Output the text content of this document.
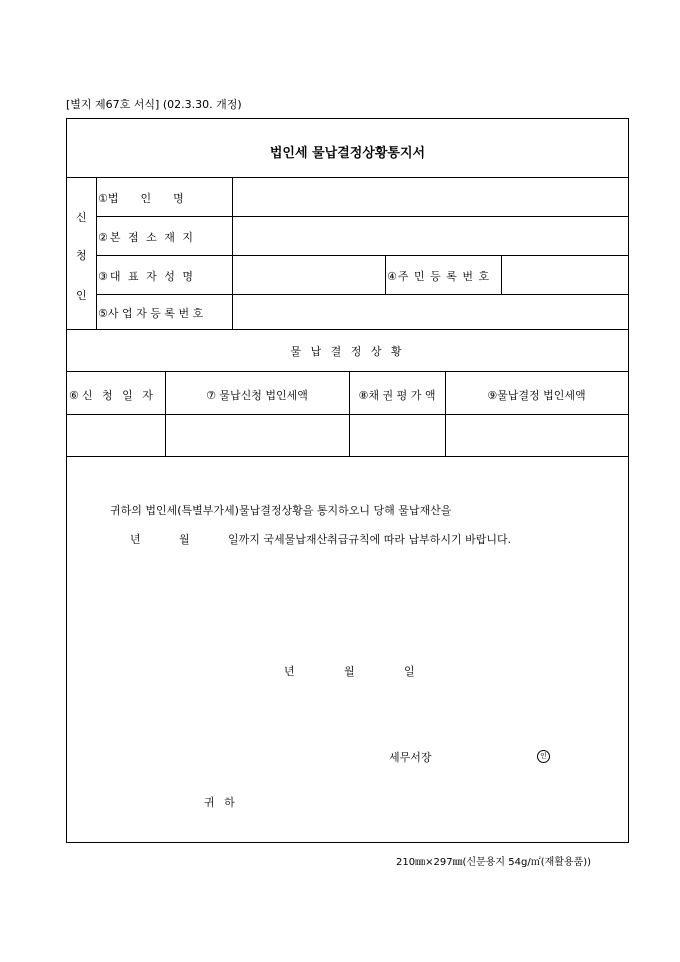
[별지 제67호 서식] (02.3.30. 개정)
법인세 물납결정상황통지서
신
청
인
①법　　인　　명
②본 점 소 재 지
③대 표 자 성 명	④주 민 등 록 번 호
⑤사 업 자 등 록 번 호
물 납 결 정 상 황
⑥신 청 일 자	⑦ 물납신청 법인세액	⑧채 권 평 가 액	⑨물납결정 법인세액
귀하의 법인세(특별부가세)물납결정상황을 통지하오니 당해 물납재산을
년	월	일까지 국세물납재산취급규칙에 따라 납부하시기 바랍니다.
년	월	일
세무서장	인
귀 하
210㎜×297㎜(신문용지 54g/㎡(재활용품))
